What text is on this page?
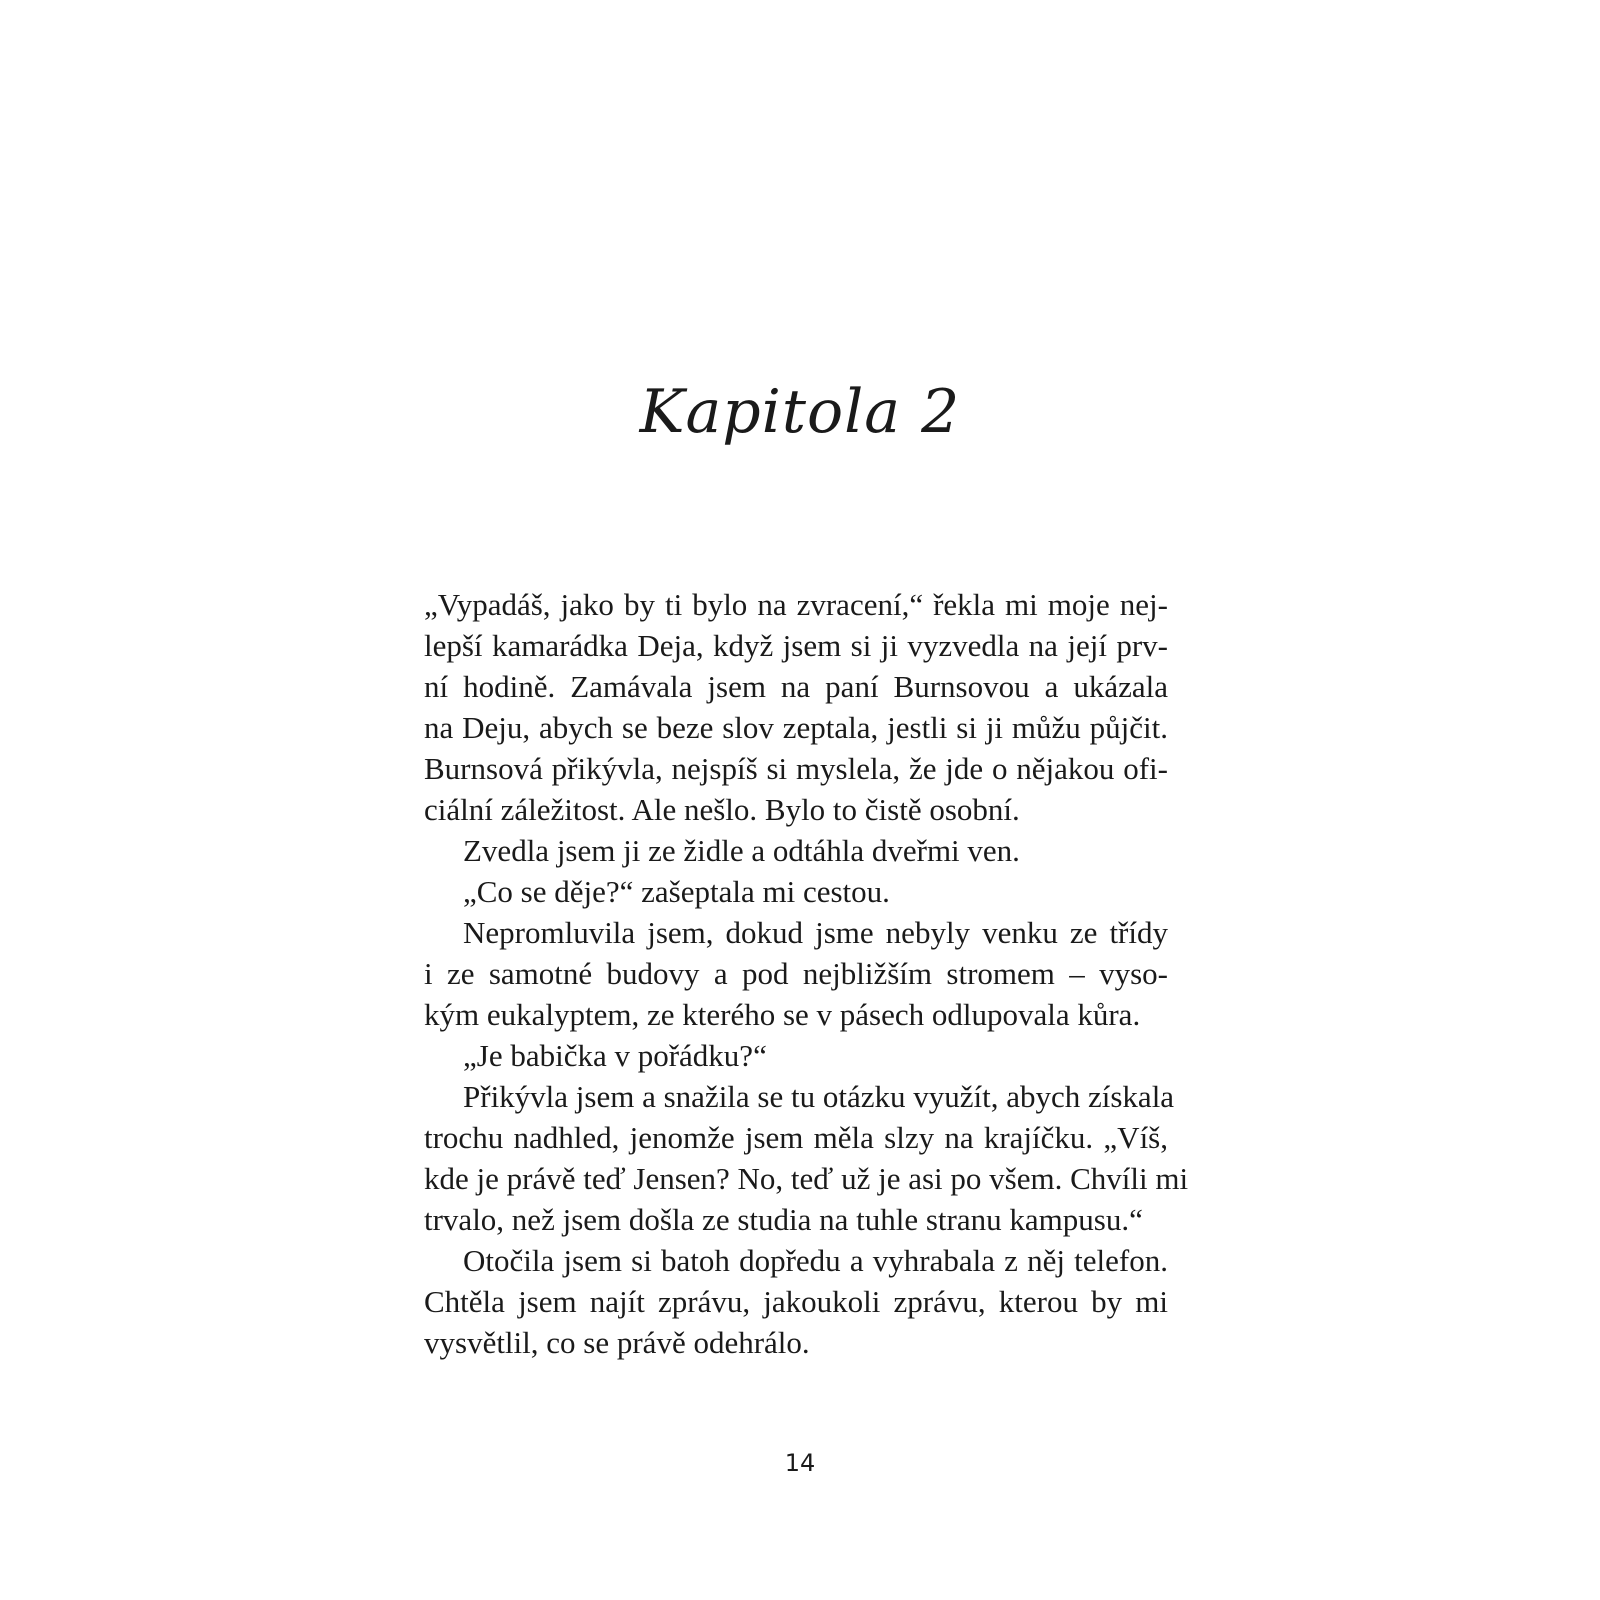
Kapitola 2
„Vypadáš, jako by ti bylo na zvracení,“ řekla mi moje nej-
lepší kamarádka Deja, když jsem si ji vyzvedla na její prv-
ní hodině. Zamávala jsem na paní Burnsovou a ukázala
na Deju, abych se beze slov zeptala, jestli si ji můžu půjčit.
Burnsová přikývla, nejspíš si myslela, že jde o nějakou ofi-
ciální záležitost. Ale nešlo. Bylo to čistě osobní.
Zvedla jsem ji ze židle a odtáhla dveřmi ven.
„Co se děje?“ zašeptala mi cestou.
Nepromluvila jsem, dokud jsme nebyly venku ze třídy
i ze samotné budovy a pod nejbližším stromem – vyso-
kým eukalyptem, ze kterého se v pásech odlupovala kůra.
„Je babička v pořádku?“
Přikývla jsem a snažila se tu otázku využít, abych získala
trochu nadhled, jenomže jsem měla slzy na krajíčku. „Víš,
kde je právě teď Jensen? No, teď už je asi po všem. Chvíli mi
trvalo, než jsem došla ze studia na tuhle stranu kampusu.“
Otočila jsem si batoh dopředu a vyhrabala z něj telefon.
Chtěla jsem najít zprávu, jakoukoli zprávu, kterou by mi
vysvětlil, co se právě odehrálo.
14
